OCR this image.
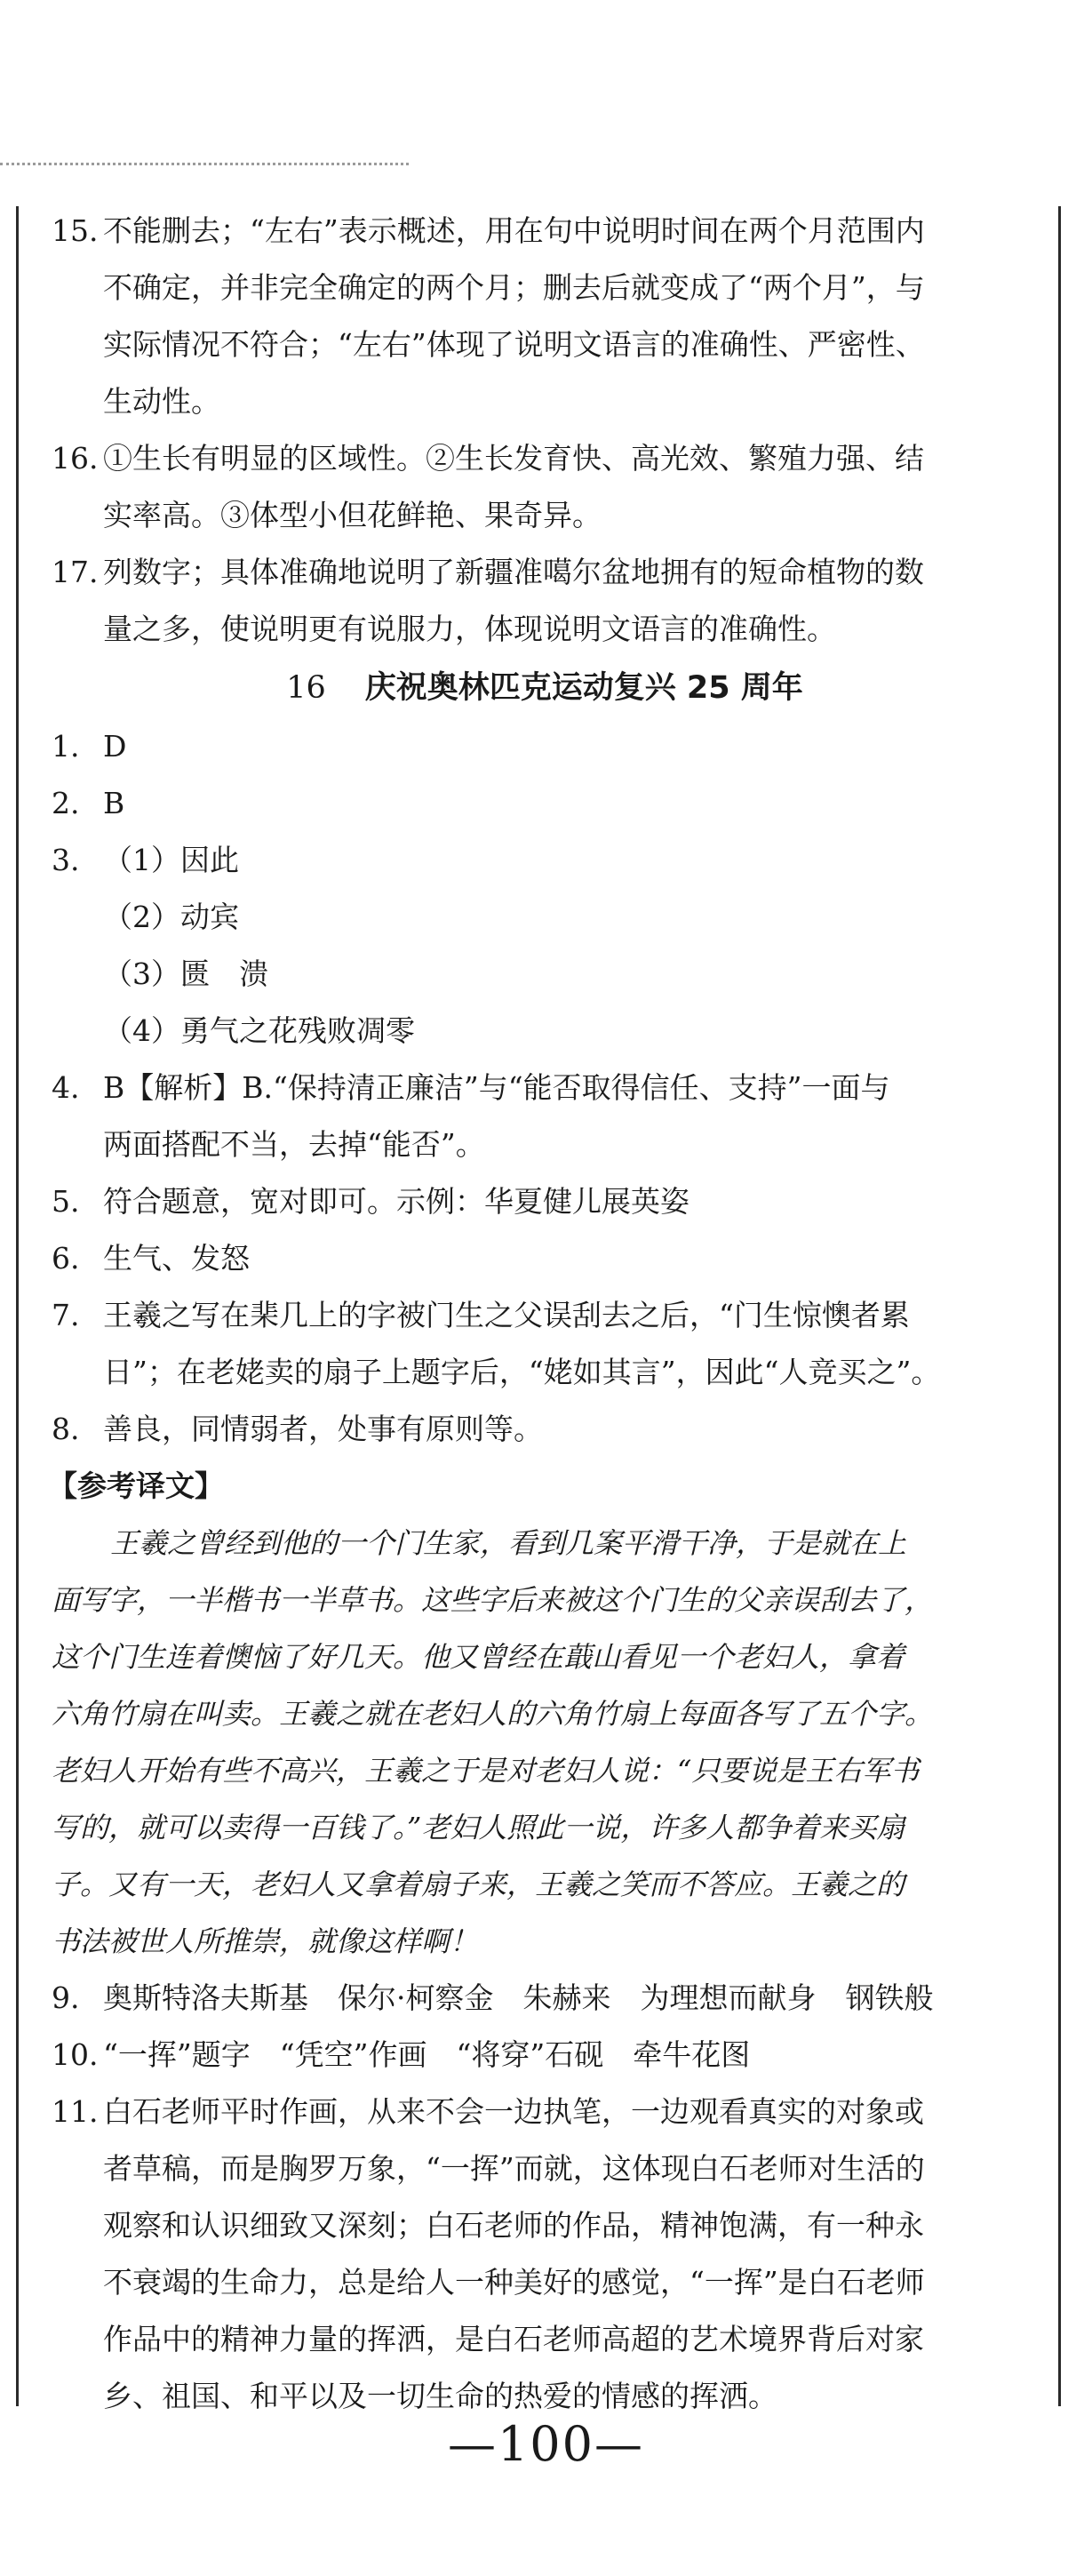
15. 不能删去；“左右”表示概述，用在句中说明时间在两个月范围内
不确定，并非完全确定的两个月；删去后就变成了“两个月”，与
实际情况不符合；“左右”体现了说明文语言的准确性、严密性、
生动性。
16. ①生长有明显的区域性。②生长发育快、高光效、繁殖力强、结
实率高。③体型小但花鲜艳、果奇异。
17. 列数字；具体准确地说明了新疆准噶尔盆地拥有的短命植物的数
量之多，使说明更有说服力，体现说明文语言的准确性。
16 庆祝奥林匹克运动复兴 25 周年
1. D
2. B
3. （1）因此
（2）动宾
（3）匮　溃
（4）勇气之花残败凋零
4. B【解析】B.“保持清正廉洁”与“能否取得信任、支持”一面与
两面搭配不当，去掉“能否”。
5. 符合题意，宽对即可。示例：华夏健儿展英姿
6. 生气、发怒
7. 王羲之写在棐几上的字被门生之父误刮去之后，“门生惊懊者累
日”；在老姥卖的扇子上题字后，“姥如其言”，因此“人竞买之”。
8. 善良，同情弱者，处事有原则等。
【参考译文】
王羲之曾经到他的一个门生家，看到几案平滑干净，于是就在上
面写字，一半楷书一半草书。这些字后来被这个门生的父亲误刮去了，
这个门生连着懊恼了好几天。他又曾经在蕺山看见一个老妇人，拿着
六角竹扇在叫卖。王羲之就在老妇人的六角竹扇上每面各写了五个字。
老妇人开始有些不高兴，王羲之于是对老妇人说：“只要说是王右军书
写的，就可以卖得一百钱了。”老妇人照此一说，许多人都争着来买扇
子。又有一天，老妇人又拿着扇子来，王羲之笑而不答应。王羲之的
书法被世人所推崇，就像这样啊！
9. 奥斯特洛夫斯基　保尔·柯察金　朱赫来　为理想而献身　钢铁般
10. “一挥”题字　“凭空”作画　“将穿”石砚　牵牛花图
11. 白石老师平时作画，从来不会一边执笔，一边观看真实的对象或
者草稿，而是胸罗万象，“一挥”而就，这体现白石老师对生活的
观察和认识细致又深刻；白石老师的作品，精神饱满，有一种永
不衰竭的生命力，总是给人一种美好的感觉，“一挥”是白石老师
作品中的精神力量的挥洒，是白石老师高超的艺术境界背后对家
乡、祖国、和平以及一切生命的热爱的情感的挥洒。
—100—
